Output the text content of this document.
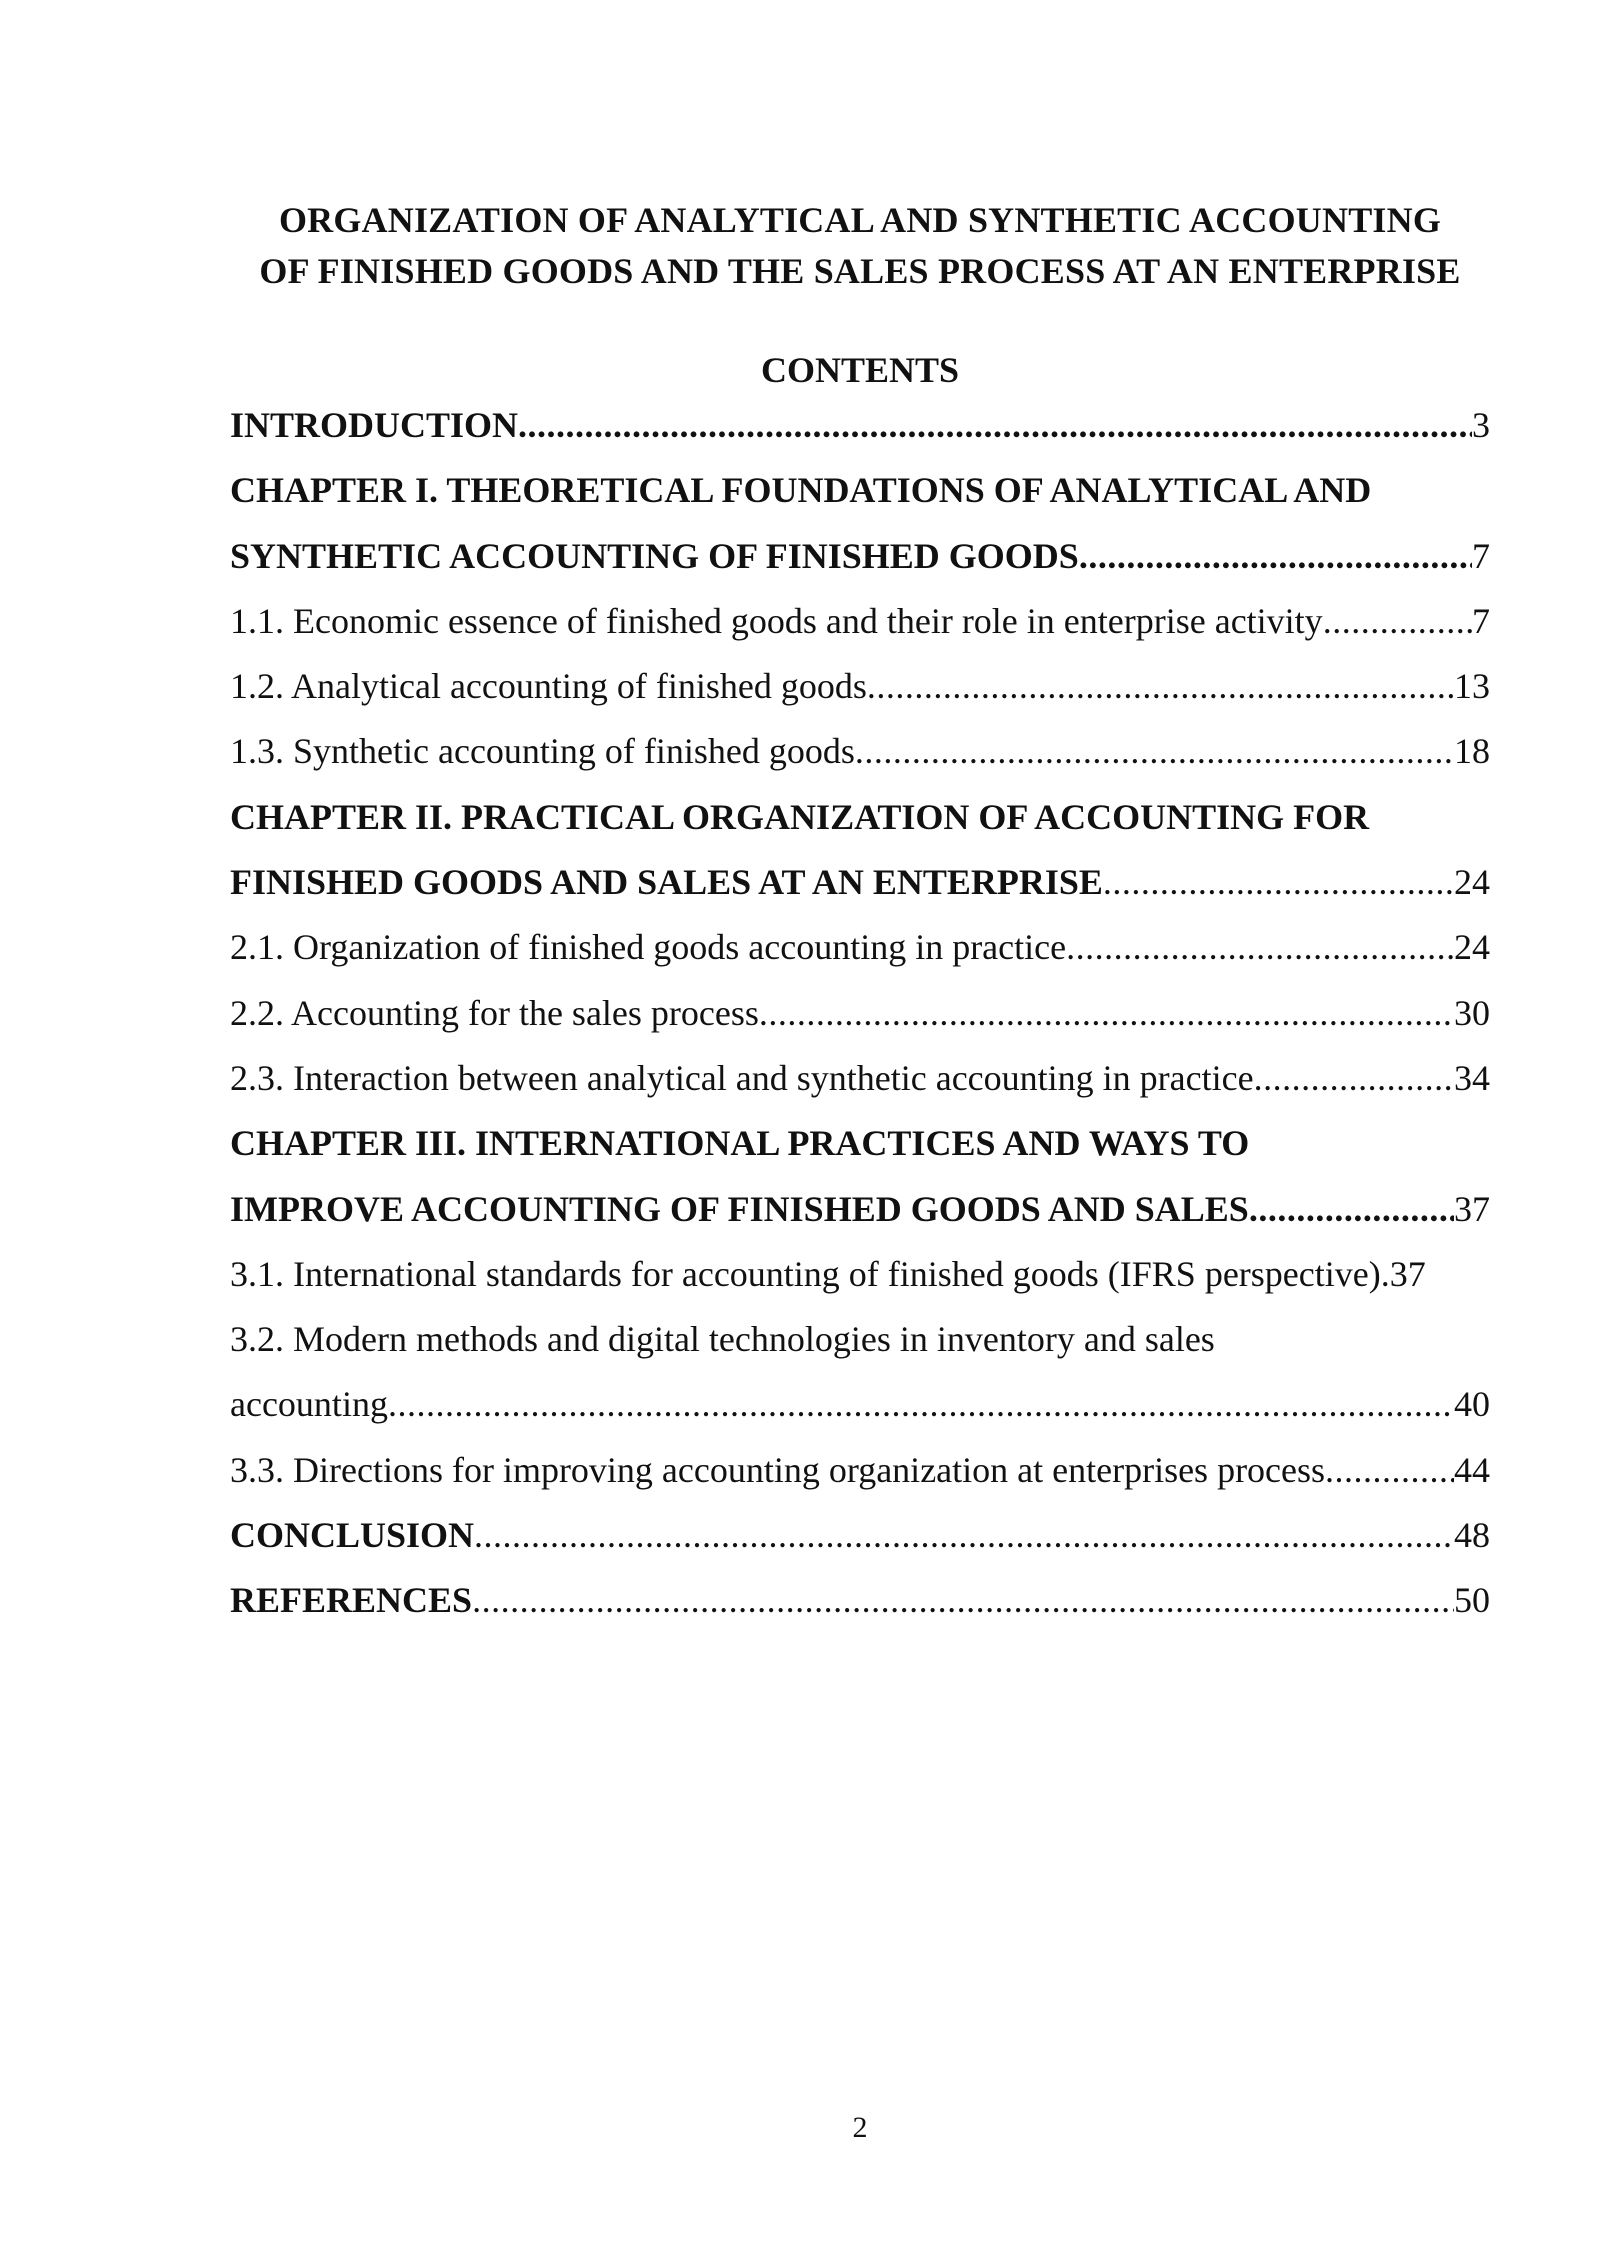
ORGANIZATION OF ANALYTICAL AND SYNTHETIC ACCOUNTING
OF FINISHED GOODS AND THE SALES PROCESS AT AN ENTERPRISE
CONTENTS
INTRODUCTION .....	3
CHAPTER I. THEORETICAL FOUNDATIONS OF ANALYTICAL AND
SYNTHETIC ACCOUNTING OF FINISHED GOODS .....	7
1.1. Economic essence of finished goods and their role in enterprise activity .....	7
1.2. Analytical accounting of finished goods .....	13
1.3. Synthetic accounting of finished goods .....	18
CHAPTER II. PRACTICAL ORGANIZATION OF ACCOUNTING FOR
FINISHED GOODS AND SALES AT AN ENTERPRISE .....	24
2.1. Organization of finished goods accounting in practice .....	24
2.2. Accounting for the sales process .....	30
2.3. Interaction between analytical and synthetic accounting in practice .....	34
CHAPTER III. INTERNATIONAL PRACTICES AND WAYS TO
IMPROVE ACCOUNTING OF FINISHED GOODS AND SALES .....	37
3.1. International standards for accounting of finished goods (IFRS perspective). 37
3.2. Modern methods and digital technologies in inventory and sales
accounting .....	40
3.3. Directions for improving accounting organization at enterprises process .....	44
CONCLUSION .....	48
REFERENCES .....	50
2
